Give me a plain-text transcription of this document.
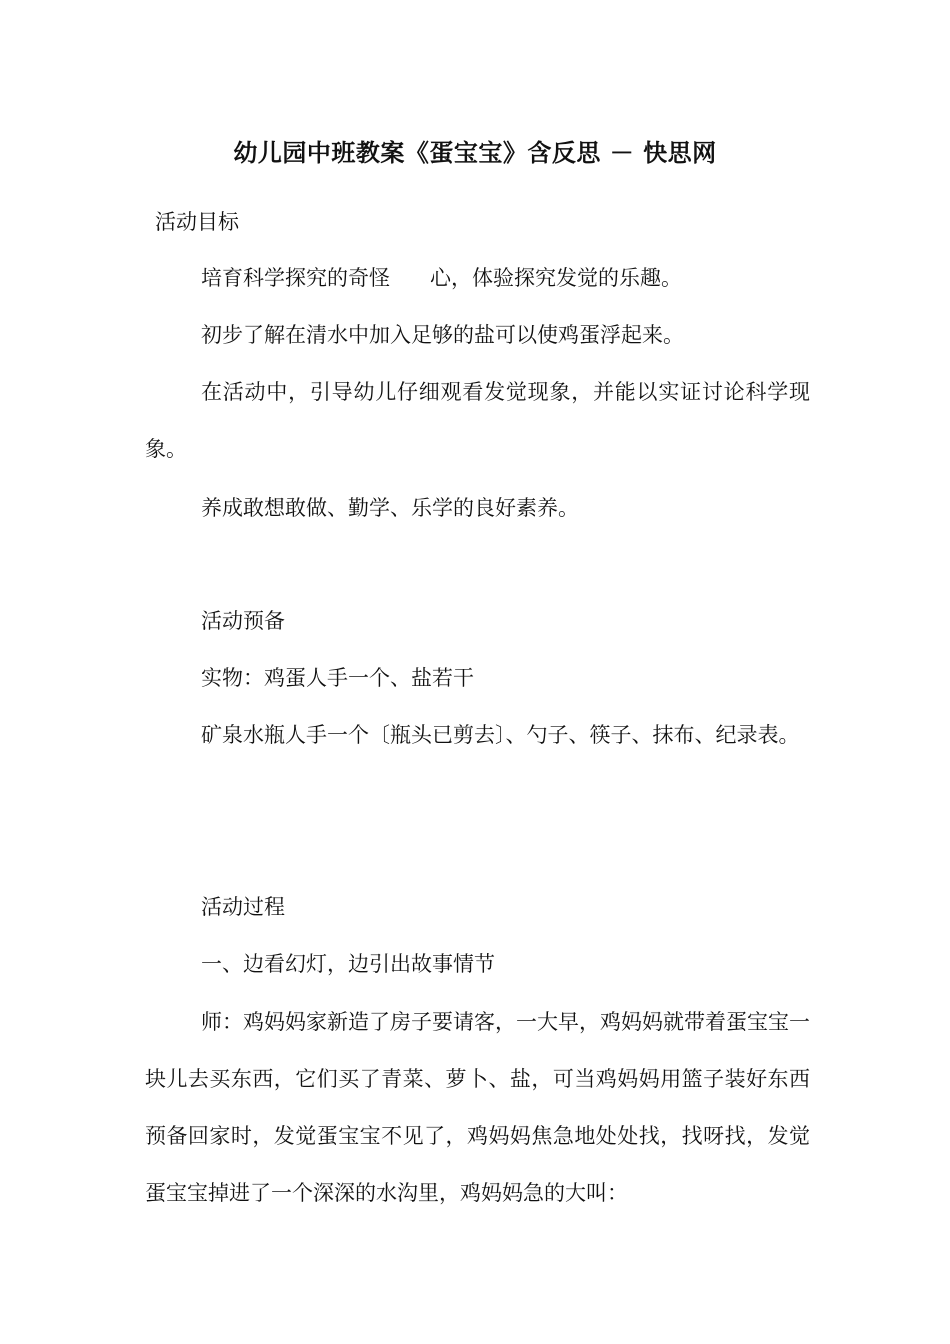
幼儿园中班教案《蛋宝宝》含反思 － 快思网
活动目标

培育科学探究的奇怪 心，体验探究发觉的乐趣。

初步了解在清水中加入足够的盐可以使鸡蛋浮起来。

在活动中，引导幼儿仔细观看发觉现象，并能以实证讨论科学现象。

养成敢想敢做、勤学、乐学的良好素养。

活动预备

实物：鸡蛋人手一个、盐若干

矿泉水瓶人手一个〔瓶头已剪去〕、勺子、筷子、抹布、纪录表。

活动过程

一、边看幻灯，边引出故事情节

师：鸡妈妈家新造了房子要请客，一大早，鸡妈妈就带着蛋宝宝一块儿去买东西，它们买了青菜、萝卜、盐，可当鸡妈妈用篮子装好东西预备回家时，发觉蛋宝宝不见了，鸡妈妈焦急地处处找，找呀找，发觉蛋宝宝掉进了一个深深的水沟里，鸡妈妈急的大叫：
